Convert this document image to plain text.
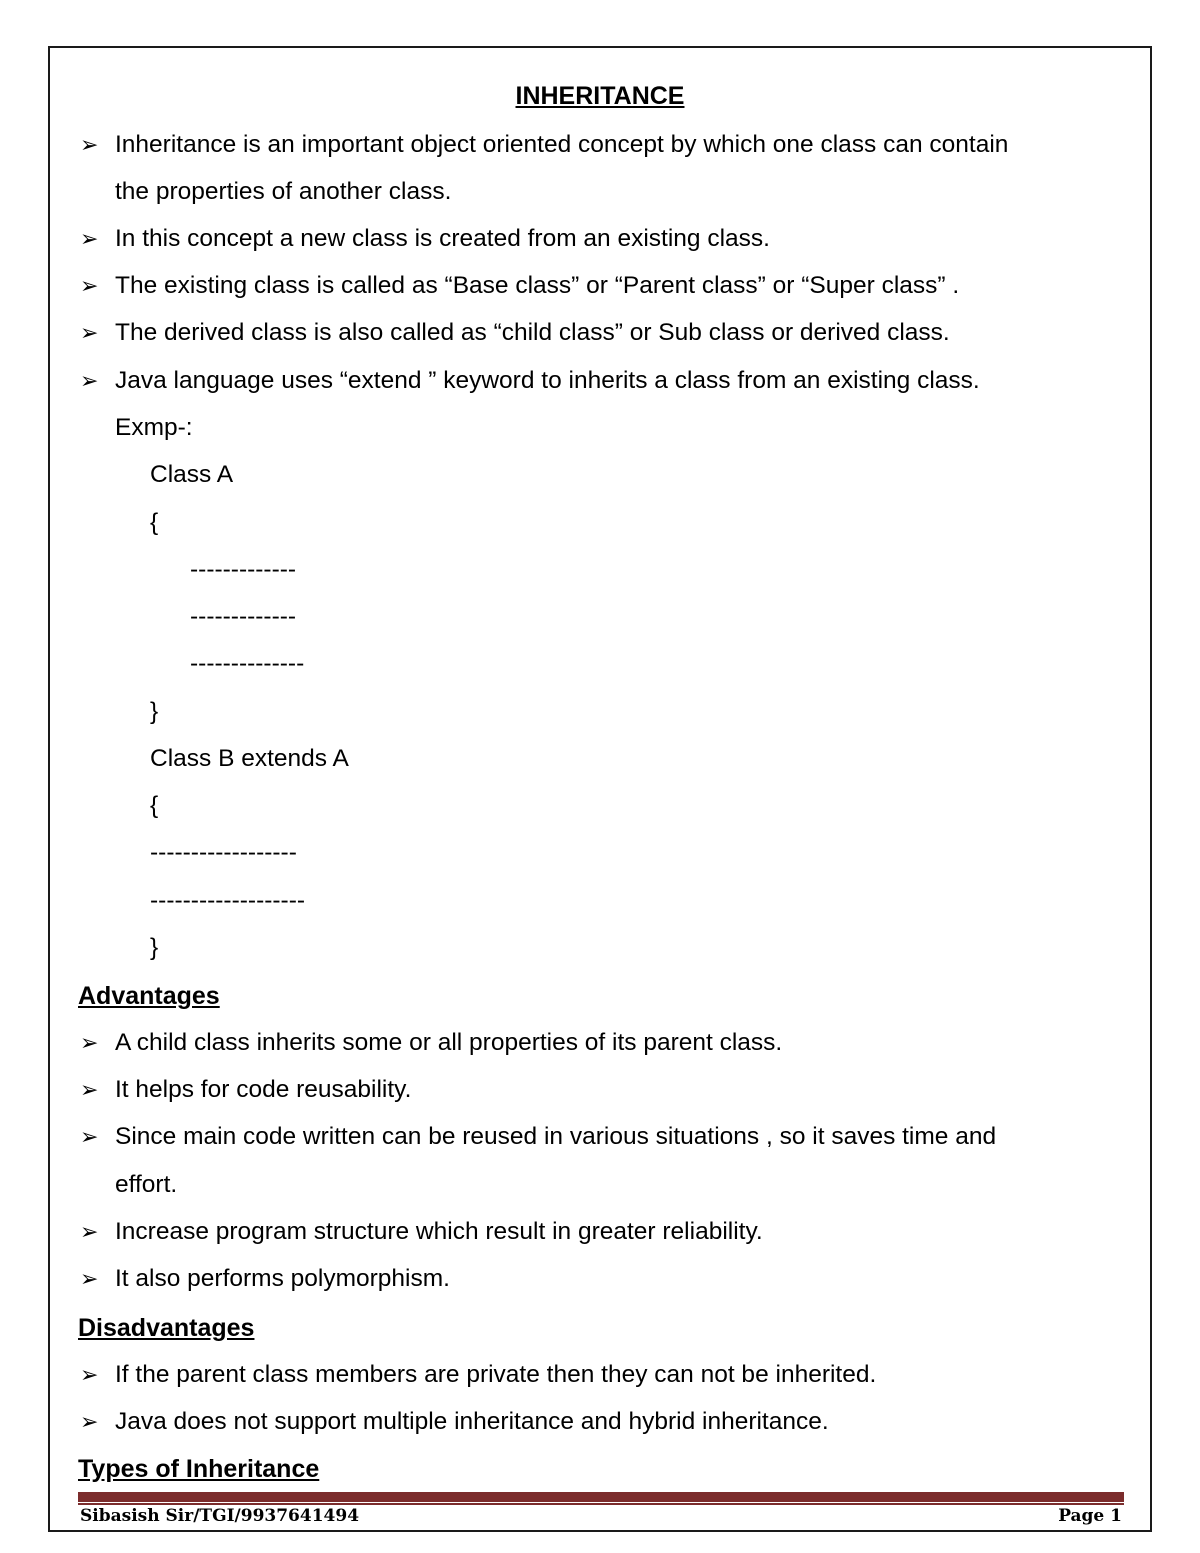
INHERITANCE
➢ Inheritance is an important object oriented concept by which one class can contain
the properties of another class.
➢ In this concept a new class is created from an existing class.
➢ The existing class is called as “Base class” or “Parent class” or “Super class” .
➢ The derived class is also called as “child class” or Sub class or derived class.
➢ Java language uses “extend ” keyword to inherits a class from an existing class.
Exmp-:
Class A
{
-------------
-------------
--------------
}
Class B extends A
{
------------------
-------------------
}
Advantages
➢ A child class inherits some or all properties of its parent class.
➢ It helps for code reusability.
➢ Since main code written can be reused in various situations , so it saves time and
effort.
➢ Increase program structure which result in greater reliability.
➢ It also performs polymorphism.
Disadvantages
➢ If the parent class members are private then they can not be inherited.
➢ Java does not support multiple inheritance and hybrid inheritance.
Types of Inheritance
Sibasish Sir/TGI/9937641494	Page 1
